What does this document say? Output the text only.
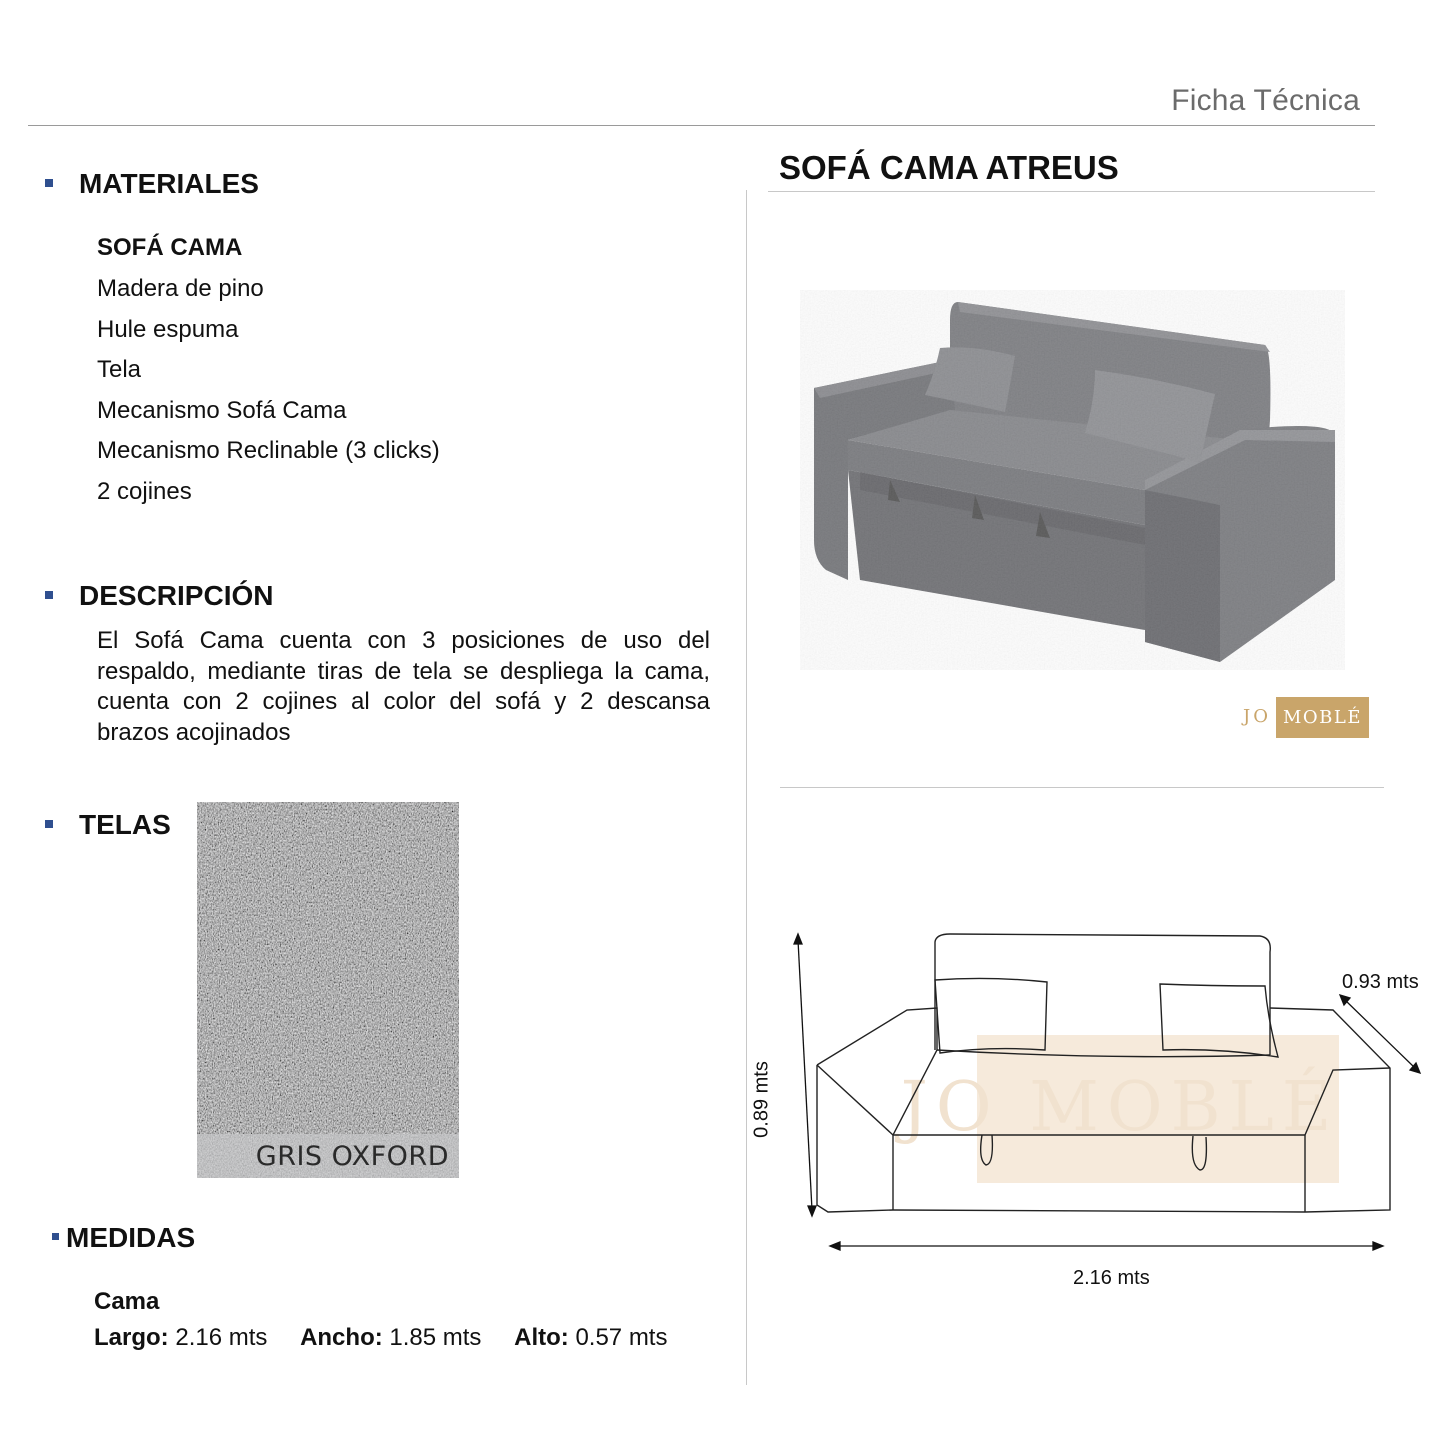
Ficha Técnica
MATERIALES
SOFÁ CAMA
Madera de pino
Hule espuma
Tela
Mecanismo Sofá Cama
Mecanismo Reclinable (3 clicks)
2 cojines
DESCRIPCIÓN
El Sofá Cama cuenta con 3 posiciones de uso del respaldo, mediante tiras de tela se despliega la cama, cuenta con 2 cojines al color del sofá y 2 descansa brazos acojinados
TELAS
GRIS OXFORD
MEDIDAS
Cama
Largo: 2.16 mts Ancho: 1.85 mts Alto: 0.57 mts
SOFÁ CAMA ATREUS
JO MOBLÉ
JO MOBLÉ
0.89 mts
0.93 mts
2.16 mts
